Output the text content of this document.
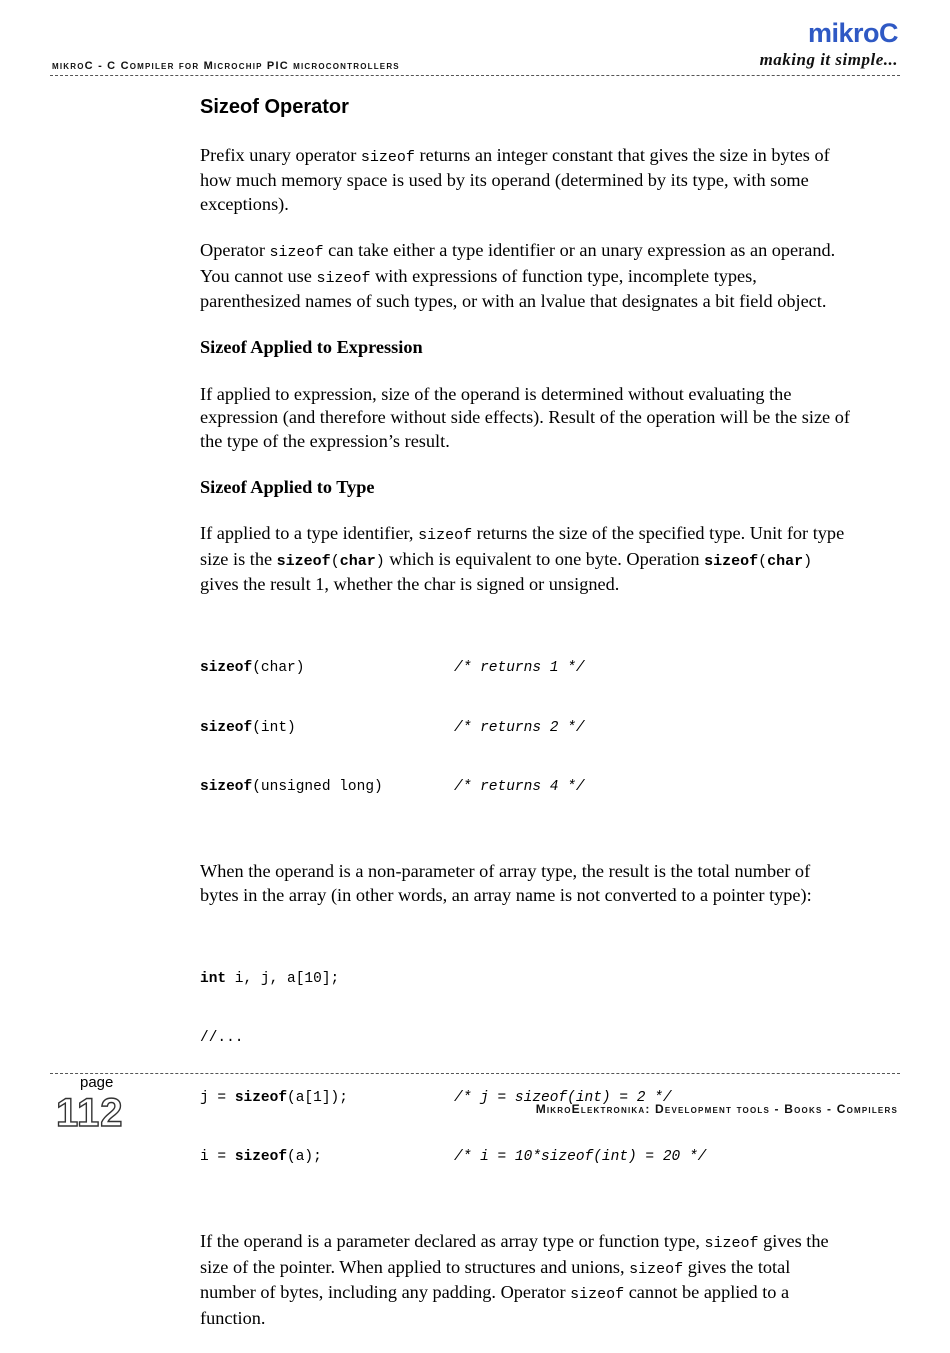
mikroC
making it simple...
mikroC - C Compiler for Microchip PIC microcontrollers
Sizeof Operator

Prefix unary operator sizeof returns an integer constant that gives the size in bytes of how much memory space is used by its operand (determined by its type, with some exceptions).

Operator sizeof can take either a type identifier or an unary expression as an operand. You cannot use sizeof with expressions of function type, incomplete types, parenthesized names of such types, or with an lvalue that designates a bit field object.

Sizeof Applied to Expression

If applied to expression, size of the operand is determined without evaluating the expression (and therefore without side effects). Result of the operation will be the size of the type of the expression’s result.

Sizeof Applied to Type

If applied to a type identifier, sizeof returns the size of the specified type. Unit for type size is the sizeof(char) which is equivalent to one byte. Operation sizeof(char) gives the result 1, whether the char is signed or unsigned.

sizeof(char)	/* returns 1 */

sizeof(int)	/* returns 2 */

sizeof(unsigned long)	/* returns 4 */

When the operand is a non-parameter of array type, the result is the total number of bytes in the array (in other words, an array name is not converted to a pointer type):

int i, j, a[10];

//...

j = sizeof(a[1]);	/* j = sizeof(int) = 2 */

i = sizeof(a);	/* i = 10*sizeof(int) = 20 */

If the operand is a parameter declared as array type or function type, sizeof gives the size of the pointer. When applied to structures and unions, sizeof gives the total number of bytes, including any padding. Operator sizeof cannot be applied to a function.

page
112	MikroElektronika: Development tools - Books - Compilers
